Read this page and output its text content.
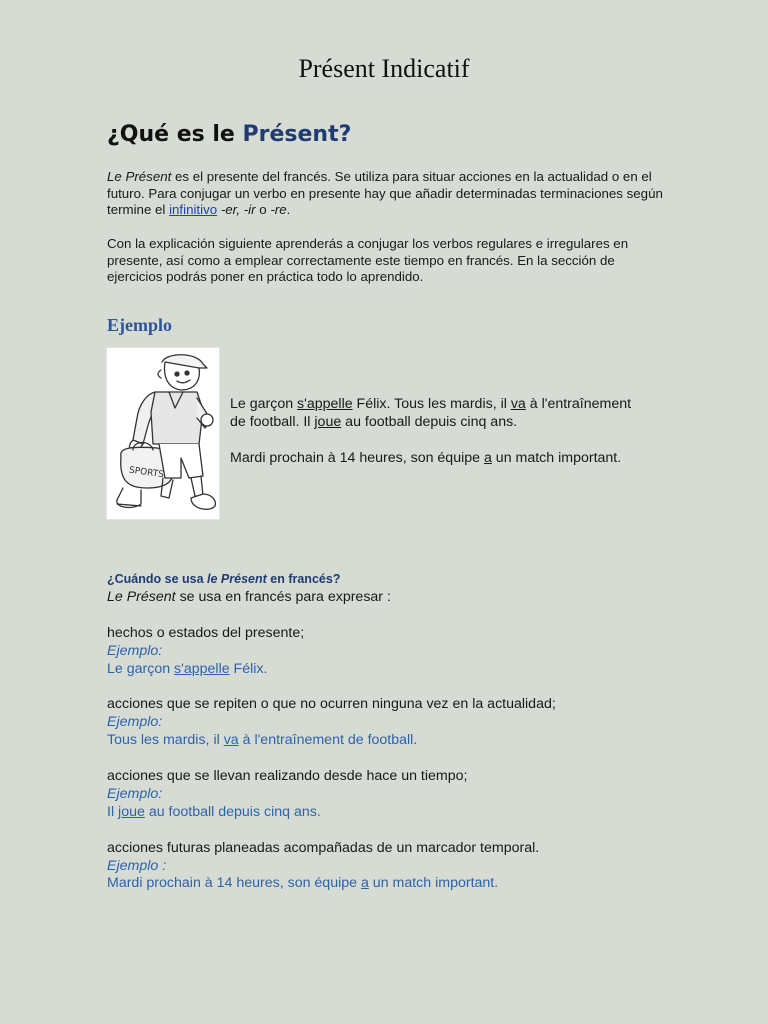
Présent Indicatif
¿Qué es le Présent?
Le Présent es el presente del francés. Se utiliza para situar acciones en la actualidad o en el futuro. Para conjugar un verbo en presente hay que añadir determinadas terminaciones según termine el infinitivo -er, -ir o -re.
Con la explicación siguiente aprenderás a conjugar los verbos regulares e irregulares en presente, así como a emplear correctamente este tiempo en francés. En la sección de ejercicios podrás poner en práctica todo lo aprendido.
Ejemplo
SPORTS

Le garçon s'appelle Félix. Tous les mardis, il va à l'entraînement

de football. Il joue au football depuis cinq ans.

Mardi prochain à 14 heures, son équipe a un match important.

¿Cuándo se usa le Présent en francés?

Le Présent se usa en francés para expresar :

hechos o estados del presente;

Ejemplo:

Le garçon s'appelle Félix.

acciones que se repiten o que no ocurren ninguna vez en la actualidad;

Ejemplo:

Tous les mardis, il va à l'entraînement de football.

acciones que se llevan realizando desde hace un tiempo;

Ejemplo:

Il joue au football depuis cinq ans.

acciones futuras planeadas acompañadas de un marcador temporal.

Ejemplo :

Mardi prochain à 14 heures, son équipe a un match important.
